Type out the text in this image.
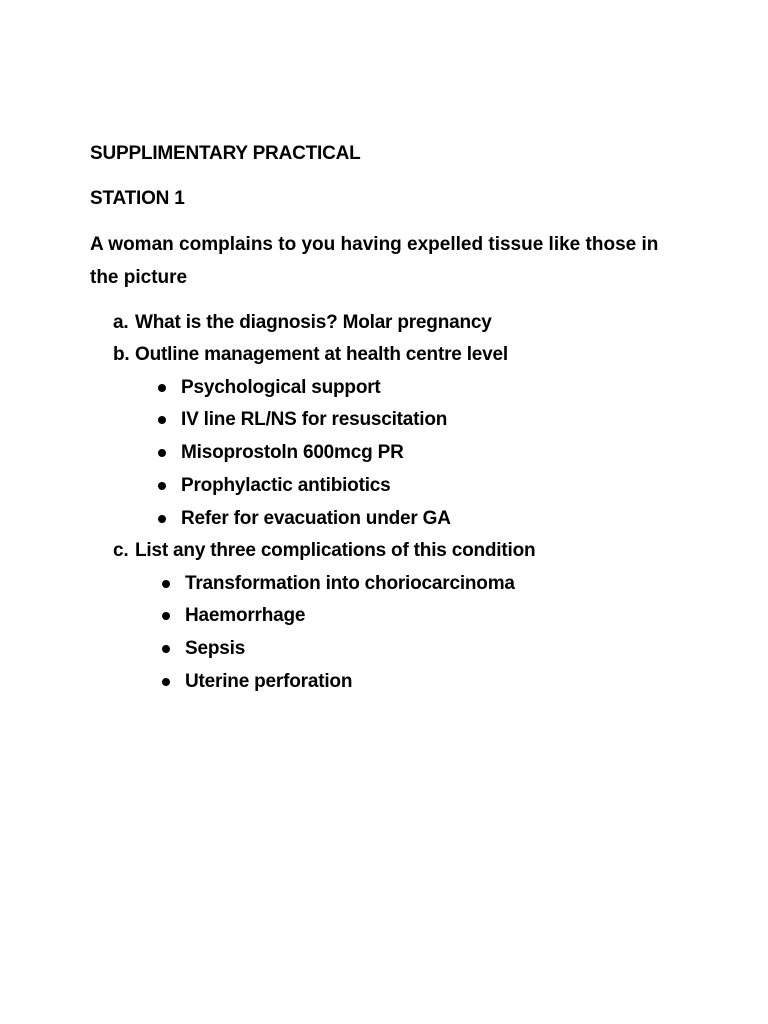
SUPPLIMENTARY PRACTICAL
STATION 1
A woman complains to you having expelled tissue like those in the picture
a. What is the diagnosis? Molar pregnancy
b. Outline management at health centre level
Psychological support
IV line RL/NS for resuscitation
Misoprostoln 600mcg PR
Prophylactic antibiotics
Refer for evacuation under GA
c. List any three complications of this condition
Transformation into choriocarcinoma
Haemorrhage
Sepsis
Uterine perforation
